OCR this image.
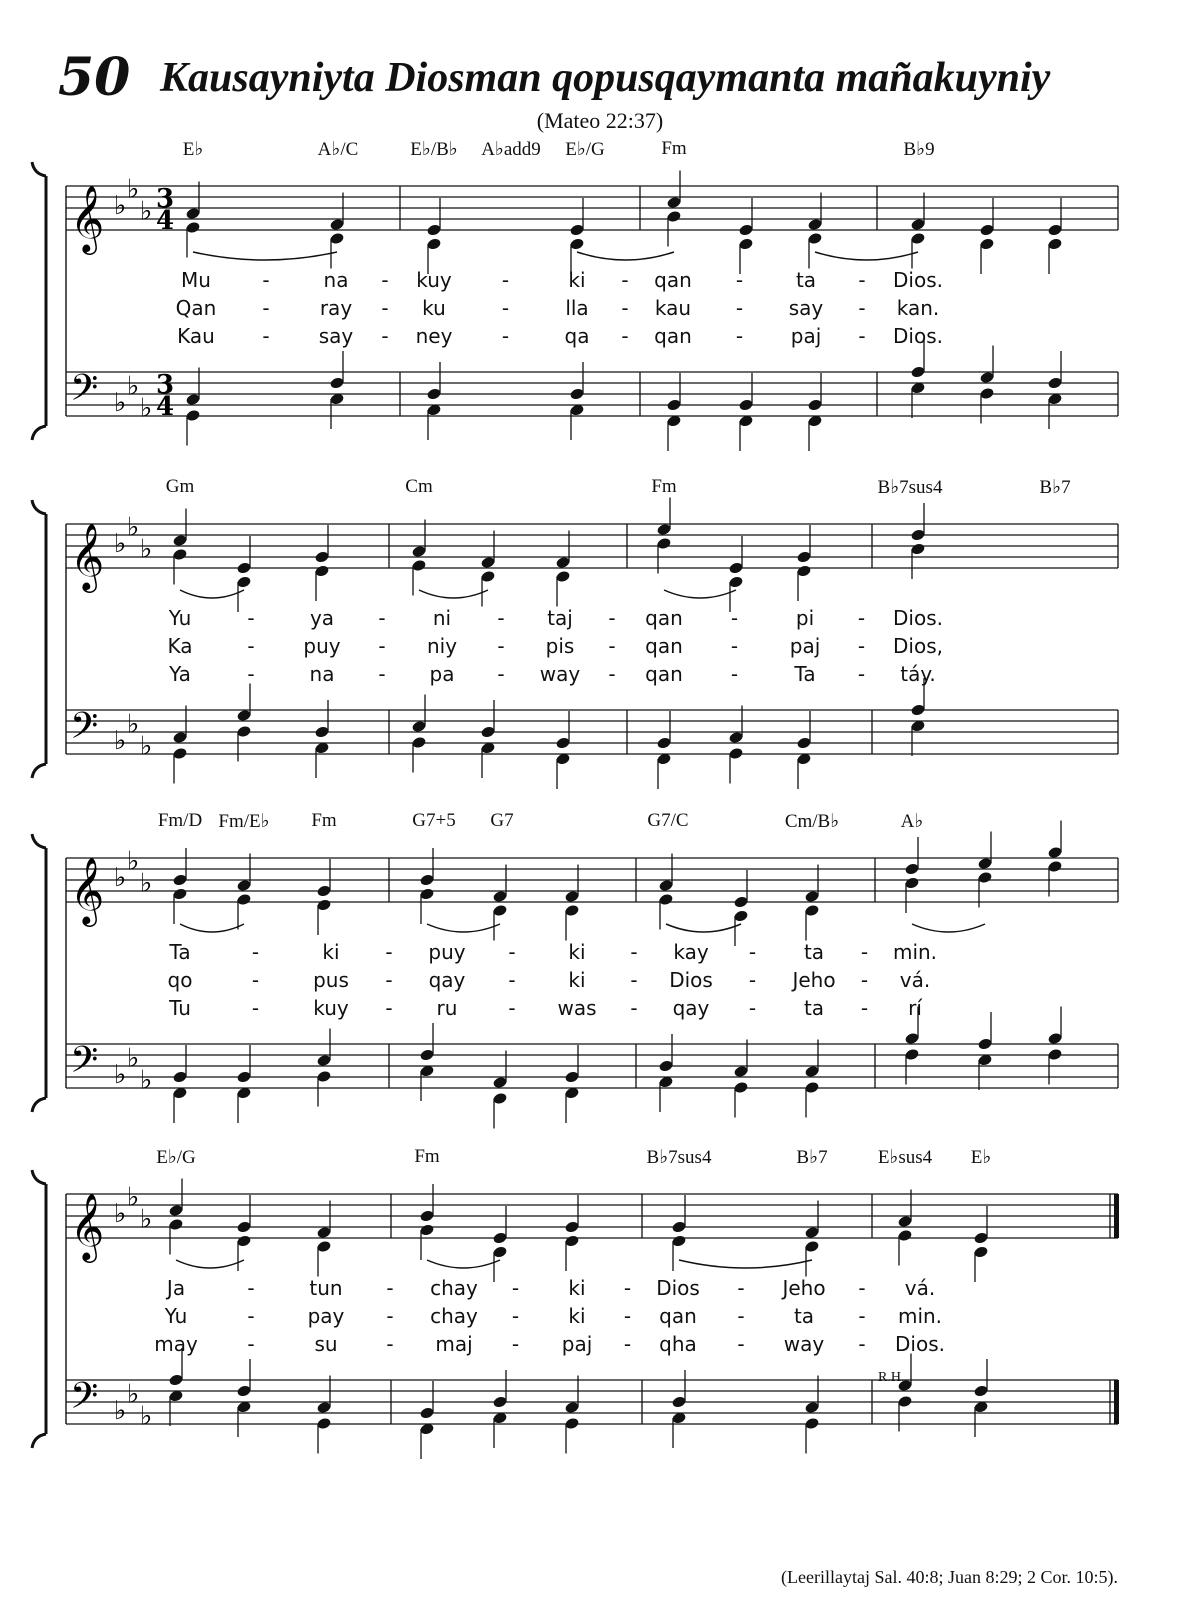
50 Kausayniyta Diosman qopusqaymanta mañakuyniy
(Mateo 22:37)
𝄞
𝄢
♭
♭
♭
♭
♭
♭
3
4
3
4
E♭	A♭/C	E♭/B♭ A♭add9 E♭/G	Fm	B♭9
Mu	-	na - kuy	-	ki - qan -	ta - Dios.
Qan -	ray - ku	-	lla - kau - say - kan.
Kau - say - ney -	qa - qan - paj - Dios.
𝄞
𝄢
♭
♭
♭
♭
♭
♭
Gm	Cm	Fm	B♭7sus4	B♭7
Yu	-	ya - ni - taj - qan -	pi - Dios.
Ka	- puy - niy - pis - qan -	paj - Dios,
Ya	-	na - pa - way - qan -	Ta - táy.
𝄞
𝄢
♭
♭
♭
♭
♭
♭
Fm/D Fm/E♭ Fm	G7+5 G7	G7/C	Cm/B♭	A♭
Ta	-	ki - puy -	ki - kay - ta - min.
qo	-	pus - qay -	ki - Dios - Jeho - vá.
Tu	-	kuy - ru	- was - qay - ta - rí
𝄞
𝄢
♭
♭
♭
♭
♭
♭
E♭/G	Fm	B♭7sus4	B♭7	E♭sus4 E♭
Ja	-	tun - chay - ki - Dios - Jeho - vá.
Yu	-	pay - chay - ki - qan - ta - min.
may -	su - maj - paj - qha - way - Dios.
R.H.
(Leerillaytaj Sal. 40:8; Juan 8:29; 2 Cor. 10:5).
